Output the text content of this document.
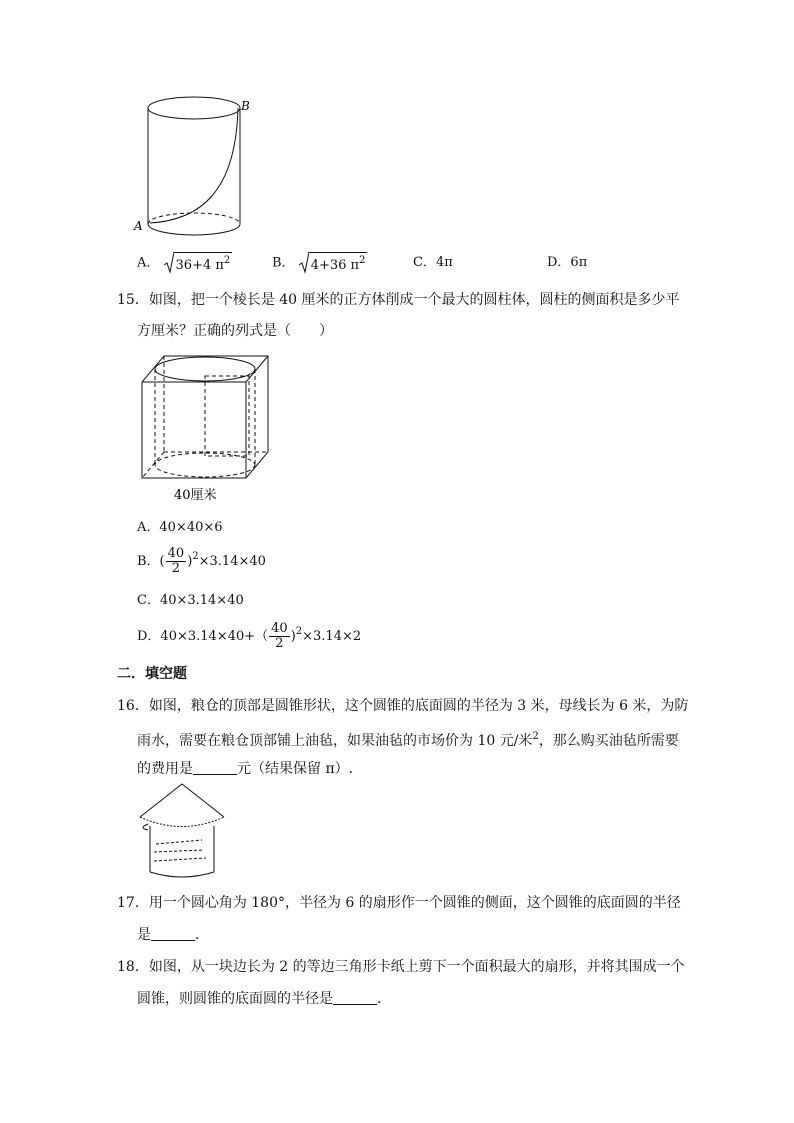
A
B
A． 36+4 $\pi^2$	B． 4+36 $\pi^2$	C．4π	D．6π
15．如图，把一个棱长是 40 厘米的正方体削成一个最大的圆柱体，圆柱的侧面积是多少平
方厘米？正确的列式是（　　）
40厘米
A．40×40×6
B．( $\frac{40}{2} )^2\times 3.14\times 40$
C．40×3.14×40
D．$40\times 3.14\times 40+( \frac{40}{2} )^2\times 3.14\times 2$
二．填空题
16．如图，粮仓的顶部是圆锥形状，这个圆锥的底面圆的半径为 3 米，母线长为 6 米，为防
雨水，需要在粮仓顶部铺上油毡，如果油毡的市场价为 10 元/米$^2$，那么购买油毡所需要
的费用是	元（结果保留 π）.
17．用一个圆心角为 180°，半径为 6 的扇形作一个圆锥的侧面，这个圆锥的底面圆的半径
是	.
18．如图，从一块边长为 2 的等边三角形卡纸上剪下一个面积最大的扇形，并将其围成一个
圆锥，则圆锥的底面圆的半径是	.
